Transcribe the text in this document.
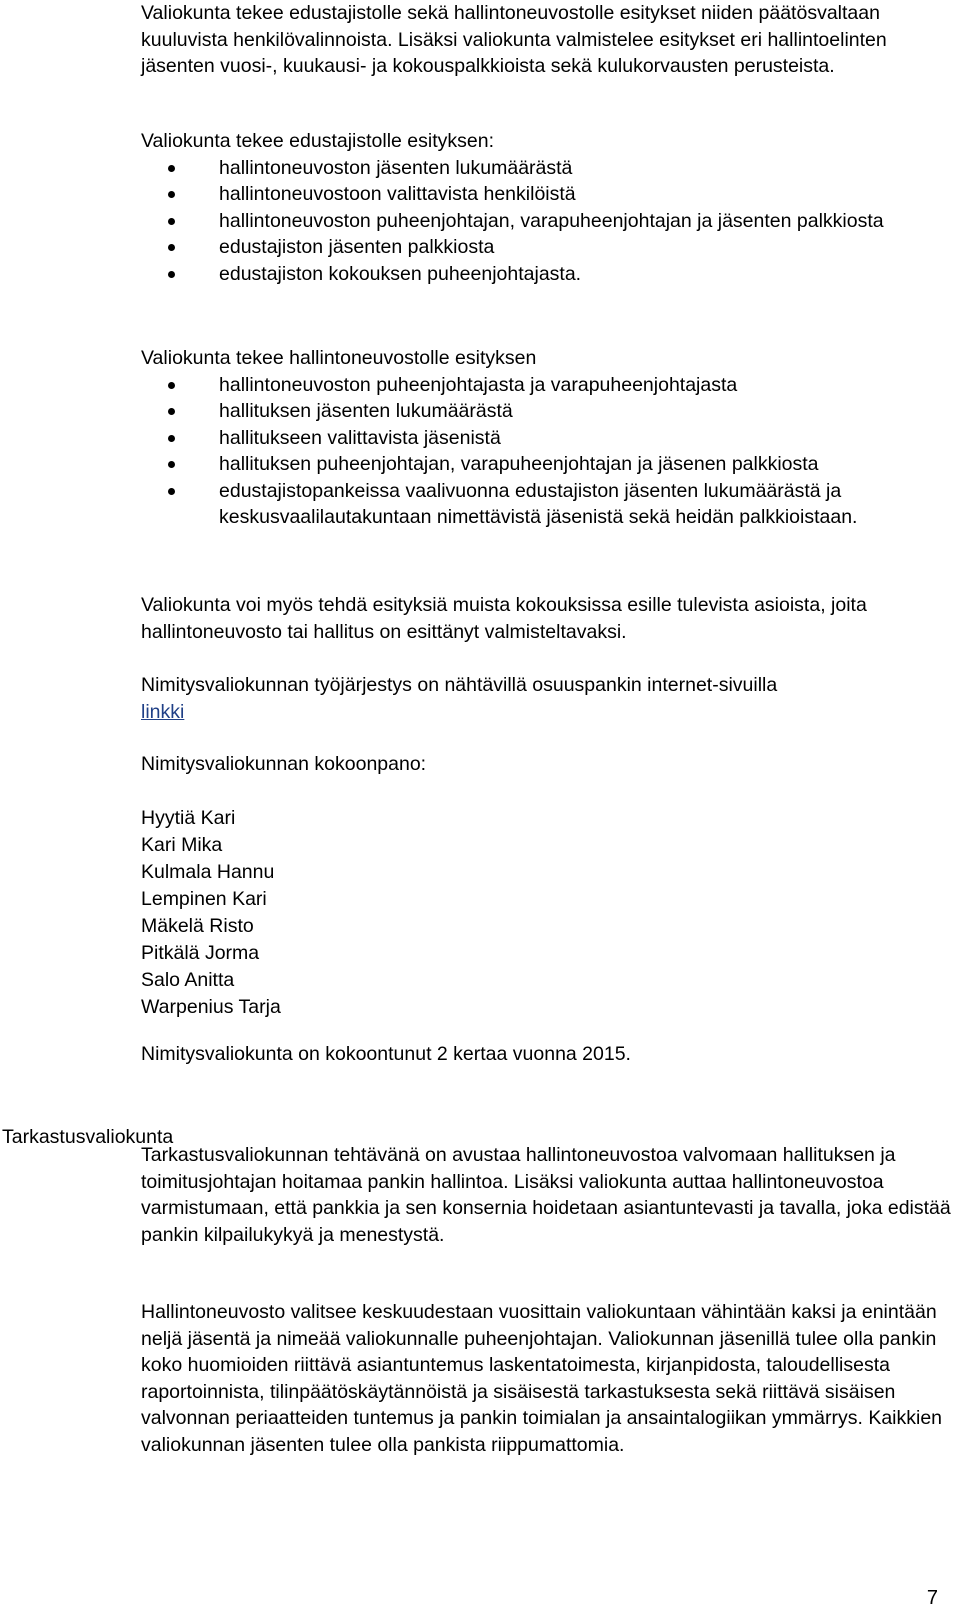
Valiokunta tekee edustajistolle sekä hallintoneuvostolle esitykset niiden päätösvaltaan kuuluvista henkilövalinnoista. Lisäksi valiokunta valmistelee esitykset eri hallintoelinten jäsenten vuosi-, kuukausi- ja kokouspalkkioista sekä kulukorvausten perusteista.

Valiokunta tekee edustajistolle esityksen:

hallintoneuvoston jäsenten lukumäärästä
hallintoneuvostoon valittavista henkilöistä
hallintoneuvoston puheenjohtajan, varapuheenjohtajan ja jäsenten palkkiosta
edustajiston jäsenten palkkiosta
edustajiston kokouksen puheenjohtajasta.

Valiokunta tekee hallintoneuvostolle esityksen

hallintoneuvoston puheenjohtajasta ja varapuheenjohtajasta
hallituksen jäsenten lukumäärästä
hallitukseen valittavista jäsenistä
hallituksen puheenjohtajan, varapuheenjohtajan ja jäsenen palkkiosta
edustajistopankeissa vaalivuonna edustajiston jäsenten lukumäärästä ja keskusvaalilautakuntaan nimettävistä jäsenistä sekä heidän palkkioistaan.

Valiokunta voi myös tehdä esityksiä muista kokouksissa esille tulevista asioista, joita hallintoneuvosto tai hallitus on esittänyt valmisteltavaksi.

Nimitysvaliokunnan työjärjestys on nähtävillä osuuspankin internet-sivuilla
linkki

Nimitysvaliokunnan kokoonpano:

Hyytiä Kari
Kari Mika
Kulmala Hannu
Lempinen Kari
Mäkelä Risto
Pitkälä Jorma
Salo Anitta
Warpenius Tarja

Nimitysvaliokunta on kokoontunut 2 kertaa vuonna 2015.

Tarkastusvaliokunta

Tarkastusvaliokunnan tehtävänä on avustaa hallintoneuvostoa valvomaan hallituksen ja toimitusjohtajan hoitamaa pankin hallintoa. Lisäksi valiokunta auttaa hallintoneuvostoa varmistumaan, että pankkia ja sen konsernia hoidetaan asiantuntevasti ja tavalla, joka edistää pankin kilpailukykyä ja menestystä.

Hallintoneuvosto valitsee keskuudestaan vuosittain valiokuntaan vähintään kaksi ja enintään neljä jäsentä ja nimeää valiokunnalle puheenjohtajan. Valiokunnan jäsenillä tulee olla pankin koko huomioiden riittävä asiantuntemus laskentatoimesta, kirjanpidosta, taloudellisesta raportoinnista, tilinpäätöskäytännöistä ja sisäisestä tarkastuksesta sekä riittävä sisäisen valvonnan periaatteiden tuntemus ja pankin toimialan ja ansaintalogiikan ymmärrys. Kaikkien valiokunnan jäsenten tulee olla pankista riippumattomia.

7
